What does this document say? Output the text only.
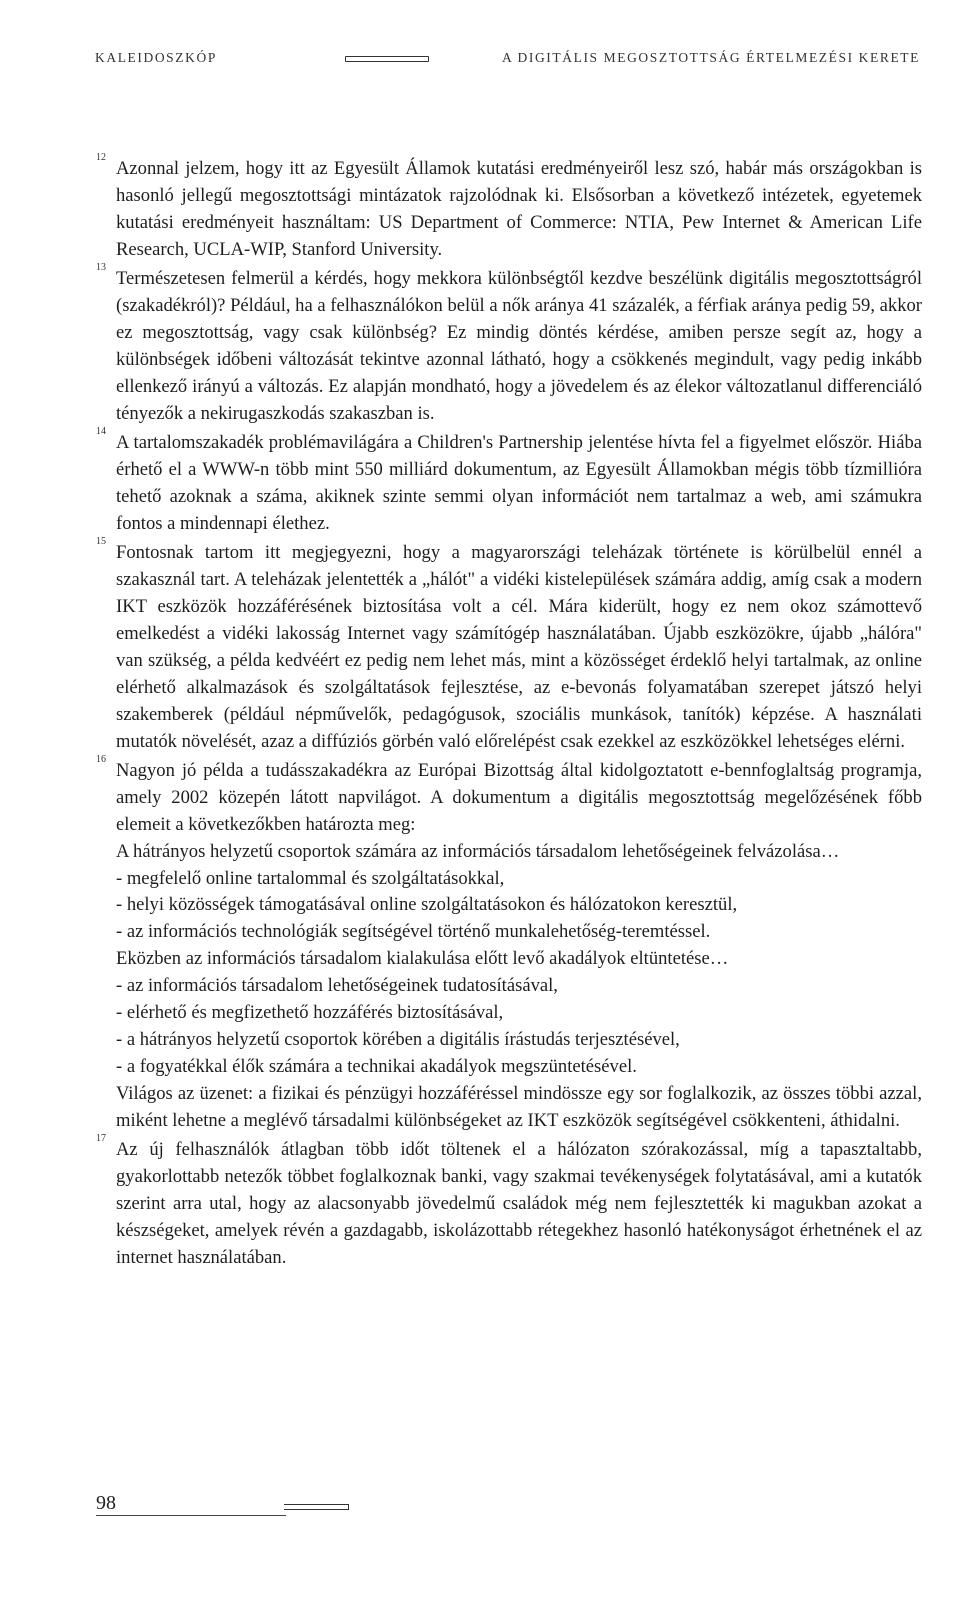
KALEIDOSZKÓP	A DIGITÁLIS MEGOSZTOTTSÁG ÉRTELMEZÉSI KERETE
12

Azonnal jelzem, hogy itt az Egyesült Államok kutatási eredményeiről lesz szó, habár más országokban is hasonló jellegű megosztottsági mintázatok rajzolódnak ki. Elsősorban a következő intézetek, egyetemek kutatási eredményeit használtam: US Department of Commerce: NTIA, Pew Internet & American Life Research, UCLA-WIP, Stanford University.

13

Természetesen felmerül a kérdés, hogy mekkora különbségtől kezdve beszélünk digitális megosztottságról (szakadékról)? Például, ha a felhasználókon belül a nők aránya 41 százalék, a férfiak aránya pedig 59, akkor ez megosztottság, vagy csak különbség? Ez mindig döntés kérdése, amiben persze segít az, hogy a különbségek időbeni változását tekintve azonnal látható, hogy a csökkenés megindult, vagy pedig inkább ellenkező irányú a változás. Ez alapján mondható, hogy a jövedelem és az élekor változatlanul differenciáló tényezők a nekirugaszkodás szakaszban is.

14

A tartalomszakadék problémavilágára a Children's Partnership jelentése hívta fel a figyelmet először. Hiába érhető el a WWW-n több mint 550 milliárd dokumentum, az Egyesült Államokban mégis több tízmillióra tehető azoknak a száma, akiknek szinte semmi olyan információt nem tartalmaz a web, ami számukra fontos a mindennapi élethez.

15

Fontosnak tartom itt megjegyezni, hogy a magyarországi teleházak története is körülbelül ennél a szakasznál tart. A teleházak jelentették a „hálót" a vidéki kistelepülések számára addig, amíg csak a modern IKT eszközök hozzáférésének biztosítása volt a cél. Mára kiderült, hogy ez nem okoz számottevő emelkedést a vidéki lakosság Internet vagy számítógép használatában. Újabb eszközökre, újabb „hálóra" van szükség, a példa kedvéért ez pedig nem lehet más, mint a közösséget érdeklő helyi tartalmak, az online elérhető alkalmazások és szolgáltatások fejlesztése, az e-bevonás folyamatában szerepet játszó helyi szakemberek (például népművelők, pedagógusok, szociális munkások, tanítók) képzése. A használati mutatók növelését, azaz a diffúziós görbén való előrelépést csak ezekkel az eszközökkel lehetséges elérni.

16

Nagyon jó példa a tudásszakadékra az Európai Bizottság által kidolgoztatott e-bennfoglaltság programja, amely 2002 közepén látott napvilágot. A dokumentum a digitális megosztottság megelőzésének főbb elemeit a következőkben határozta meg:

A hátrányos helyzetű csoportok számára az információs társadalom lehetőségeinek felvázolása…

- megfelelő online tartalommal és szolgáltatásokkal,

- helyi közösségek támogatásával online szolgáltatásokon és hálózatokon keresztül,

- az információs technológiák segítségével történő munkalehetőség-teremtéssel.

Eközben az információs társadalom kialakulása előtt levő akadályok eltüntetése…

- az információs társadalom lehetőségeinek tudatosításával,

- elérhető és megfizethető hozzáférés biztosításával,

- a hátrányos helyzetű csoportok körében a digitális írástudás terjesztésével,

- a fogyatékkal élők számára a technikai akadályok megszüntetésével.

Világos az üzenet: a fizikai és pénzügyi hozzáféréssel mindössze egy sor foglalkozik, az összes többi azzal, miként lehetne a meglévő társadalmi különbségeket az IKT eszközök segítségével csökkenteni, áthidalni.

17

Az új felhasználók átlagban több időt töltenek el a hálózaton szórakozással, míg a tapasztaltabb, gyakorlottabb netezők többet foglalkoznak banki, vagy szakmai tevékenységek folytatásával, ami a kutatók szerint arra utal, hogy az alacsonyabb jövedelmű családok még nem fejlesztették ki magukban azokat a készségeket, amelyek révén a gazdagabb, iskolázottabb rétegekhez hasonló hatékonyságot érhetnének el az internet használatában.

98
